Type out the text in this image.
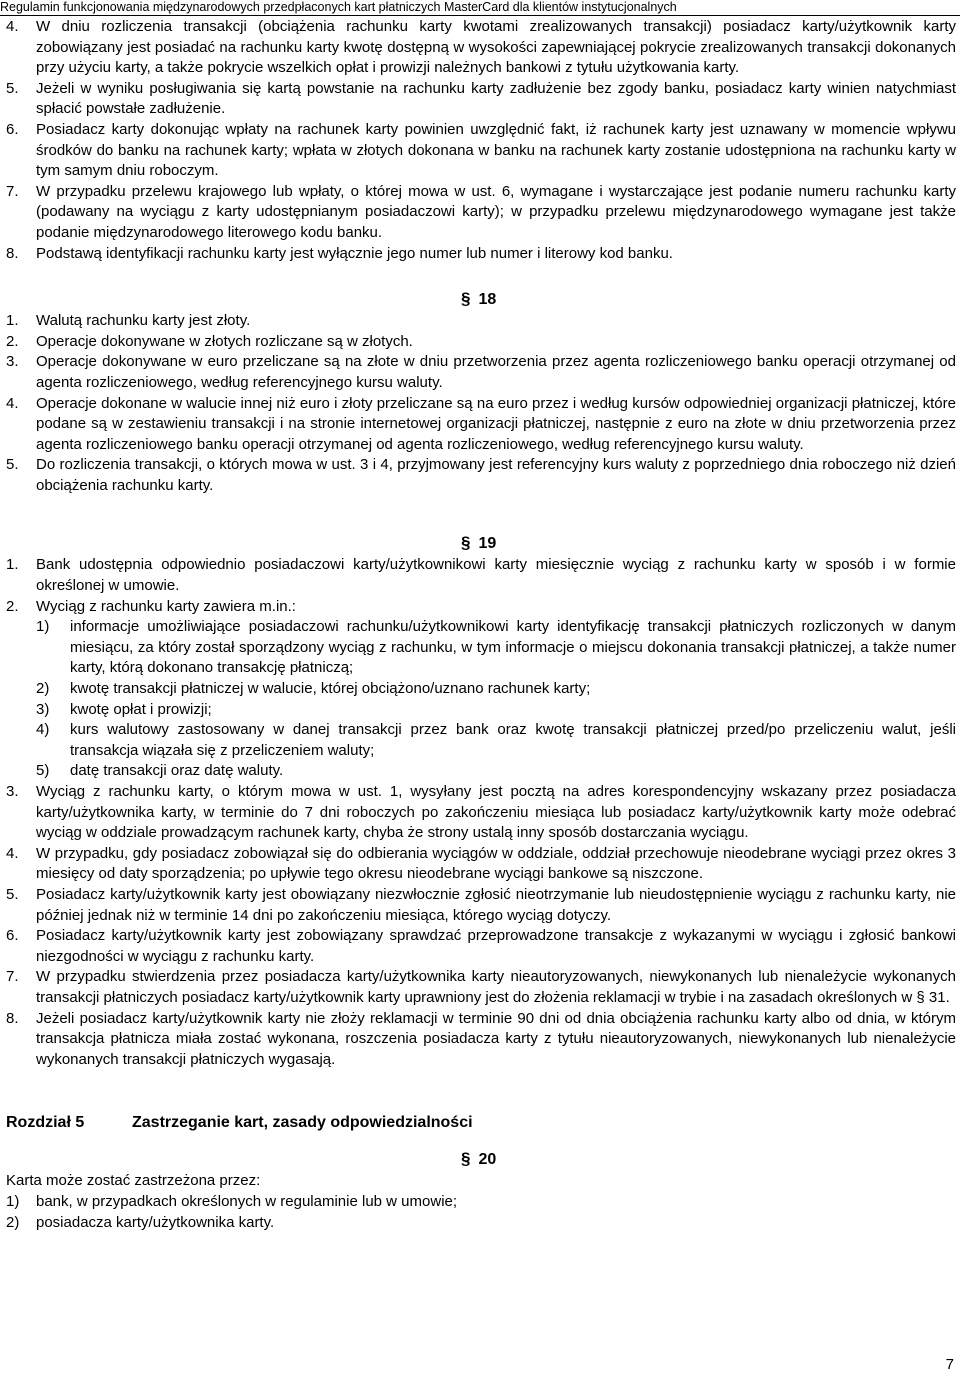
Regulamin funkcjonowania międzynarodowych przedpłaconych kart płatniczych MasterCard dla klientów instytucjonalnych
4. W dniu rozliczenia transakcji (obciążenia rachunku karty kwotami zrealizowanych transakcji) posiadacz karty/użytkownik karty zobowiązany jest posiadać na rachunku karty kwotę dostępną w wysokości zapewniającej pokrycie zrealizowanych transakcji dokonanych przy użyciu karty, a także pokrycie wszelkich opłat i prowizji należnych bankowi z tytułu użytkowania karty.
5. Jeżeli w wyniku posługiwania się kartą powstanie na rachunku karty zadłużenie bez zgody banku, posiadacz karty winien natychmiast spłacić powstałe zadłużenie.
6. Posiadacz karty dokonując wpłaty na rachunek karty powinien uwzględnić fakt, iż rachunek karty jest uznawany w momencie wpływu środków do banku na rachunek karty; wpłata w złotych dokonana w banku na rachunek karty zostanie udostępniona na rachunku karty w tym samym dniu roboczym.
7. W przypadku przelewu krajowego lub wpłaty, o której mowa w ust. 6, wymagane i wystarczające jest podanie numeru rachunku karty (podawany na wyciągu z karty udostępnianym posiadaczowi karty); w przypadku przelewu międzynarodowego wymagane jest także podanie międzynarodowego literowego kodu banku.
8. Podstawą identyfikacji rachunku karty jest wyłącznie jego numer lub numer i literowy kod banku.
§ 18
1. Walutą rachunku karty jest złoty.
2. Operacje dokonywane w złotych rozliczane są w złotych.
3. Operacje dokonywane w euro przeliczane są na złote w dniu przetworzenia przez agenta rozliczeniowego banku operacji otrzymanej od agenta rozliczeniowego, według referencyjnego kursu waluty.
4. Operacje dokonane w walucie innej niż euro i złoty przeliczane są na euro przez i według kursów odpowiedniej organizacji płatniczej, które podane są w zestawieniu transakcji i na stronie internetowej organizacji płatniczej, następnie z euro na złote w dniu przetworzenia przez agenta rozliczeniowego banku operacji otrzymanej od agenta rozliczeniowego, według referencyjnego kursu waluty.
5. Do rozliczenia transakcji, o których mowa w ust. 3 i 4, przyjmowany jest referencyjny kurs waluty z poprzedniego dnia roboczego niż dzień obciążenia rachunku karty.
§ 19
1. Bank udostępnia odpowiednio posiadaczowi karty/użytkownikowi karty miesięcznie wyciąg z rachunku karty w sposób i w formie określonej w umowie.
2. Wyciąg z rachunku karty zawiera m.in.:
1) informacje umożliwiające posiadaczowi rachunku/użytkownikowi karty identyfikację transakcji płatniczych rozliczonych w danym miesiącu, za który został sporządzony wyciąg z rachunku, w tym informacje o miejscu dokonania transakcji płatniczej, a także numer karty, którą dokonano transakcję płatniczą;
2) kwotę transakcji płatniczej w walucie, której obciążono/uznano rachunek karty;
3) kwotę opłat i prowizji;
4) kurs walutowy zastosowany w danej transakcji przez bank oraz kwotę transakcji płatniczej przed/po przeliczeniu walut, jeśli transakcja wiązała się z przeliczeniem waluty;
5) datę transakcji oraz datę waluty.
3. Wyciąg z rachunku karty, o którym mowa w ust. 1, wysyłany jest pocztą na adres korespondencyjny wskazany przez posiadacza karty/użytkownika karty, w terminie do 7 dni roboczych po zakończeniu miesiąca lub posiadacz karty/użytkownik karty może odebrać wyciąg w oddziale prowadzącym rachunek karty, chyba że strony ustalą inny sposób dostarczania wyciągu.
4. W przypadku, gdy posiadacz zobowiązał się do odbierania wyciągów w oddziale, oddział przechowuje nieodebrane wyciągi przez okres 3 miesięcy od daty sporządzenia; po upływie tego okresu nieodebrane wyciągi bankowe są niszczone.
5. Posiadacz karty/użytkownik karty jest obowiązany niezwłocznie zgłosić nieotrzymanie lub nieudostępnienie wyciągu z rachunku karty, nie później jednak niż w terminie 14 dni po zakończeniu miesiąca, którego wyciąg dotyczy.
6. Posiadacz karty/użytkownik karty jest zobowiązany sprawdzać przeprowadzone transakcje z wykazanymi w wyciągu i zgłosić bankowi niezgodności w wyciągu z rachunku karty.
7. W przypadku stwierdzenia przez posiadacza karty/użytkownika karty nieautoryzowanych, niewykonanych lub nienależycie wykonanych transakcji płatniczych posiadacz karty/użytkownik karty uprawniony jest do złożenia reklamacji w trybie i na zasadach określonych w § 31.
8. Jeżeli posiadacz karty/użytkownik karty nie złoży reklamacji w terminie 90 dni od dnia obciążenia rachunku karty albo od dnia, w którym transakcja płatnicza miała zostać wykonana, roszczenia posiadacza karty z tytułu nieautoryzowanych, niewykonanych lub nienależycie wykonanych transakcji płatniczych wygasają.
Rozdział 5	Zastrzeganie kart, zasady odpowiedzialności
§ 20
Karta może zostać zastrzeżona przez:
1) bank, w przypadkach określonych w regulaminie lub w umowie;
2) posiadacza karty/użytkownika karty.
7
